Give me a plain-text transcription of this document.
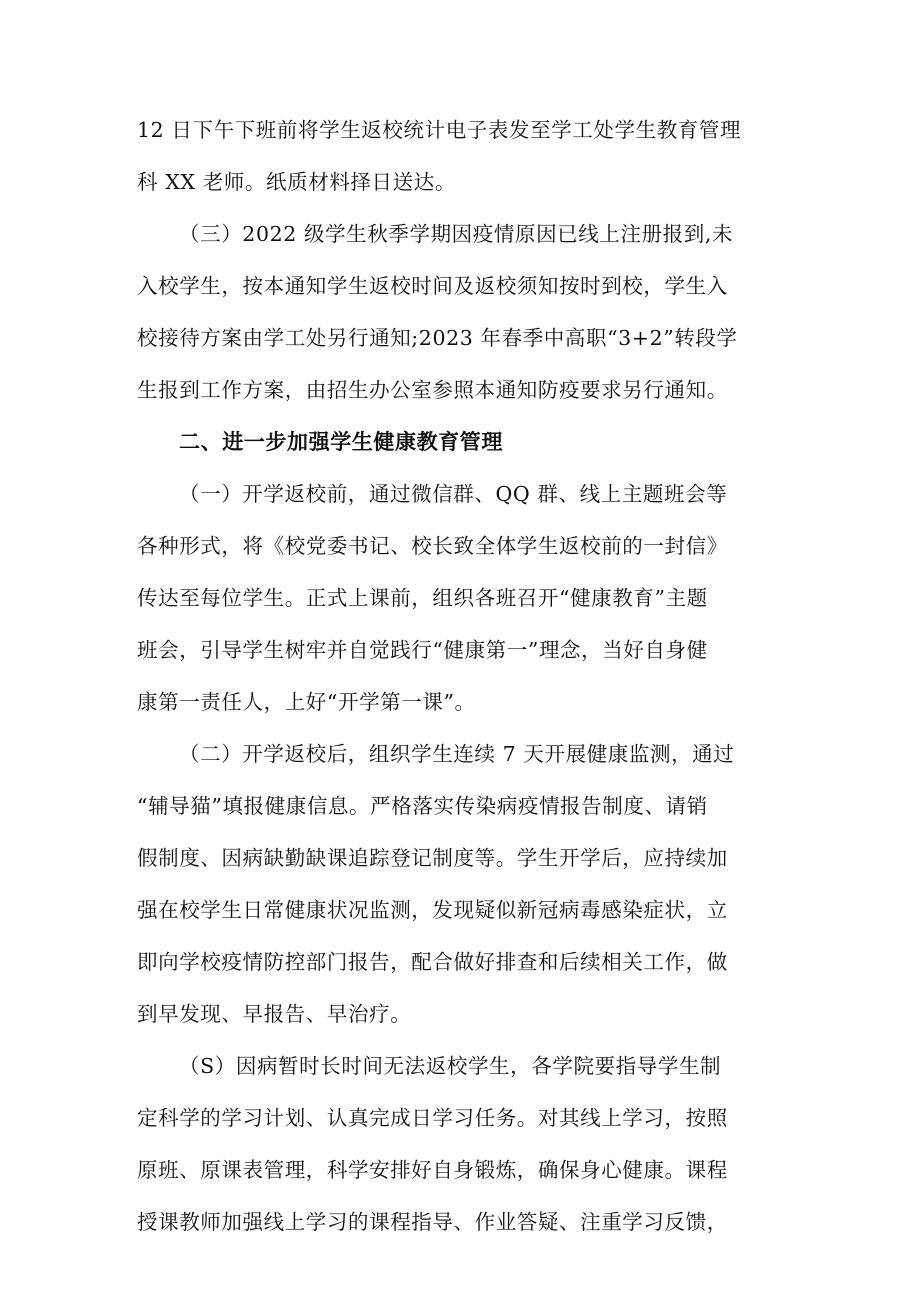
12 日下午下班前将学生返校统计电子表发至学工处学生教育管理

科 XX 老师。纸质材料择日送达。

（三）2022 级学生秋季学期因疫情原因已线上注册报到,未

入校学生，按本通知学生返校时间及返校须知按时到校，学生入

校接待方案由学工处另行通知;2023 年春季中高职“3+2”转段学

生报到工作方案，由招生办公室参照本通知防疫要求另行通知。

二、进一步加强学生健康教育管理

（一）开学返校前，通过微信群、QQ 群、线上主题班会等

各种形式，将《校党委书记、校长致全体学生返校前的一封信》

传达至每位学生。正式上课前，组织各班召开“健康教育”主题

班会，引导学生树牢并自觉践行“健康第一”理念，当好自身健

康第一责任人，上好“开学第一课”。

（二）开学返校后，组织学生连续 7 天开展健康监测，通过

“辅导猫”填报健康信息。严格落实传染病疫情报告制度、请销

假制度、因病缺勤缺课追踪登记制度等。学生开学后，应持续加

强在校学生日常健康状况监测，发现疑似新冠病毒感染症状，立

即向学校疫情防控部门报告，配合做好排查和后续相关工作，做

到早发现、早报告、早治疗。

（S）因病暂时长时间无法返校学生，各学院要指导学生制

定科学的学习计划、认真完成日学习任务。对其线上学习，按照

原班、原课表管理，科学安排好自身锻炼，确保身心健康。课程

授课教师加强线上学习的课程指导、作业答疑、注重学习反馈，
